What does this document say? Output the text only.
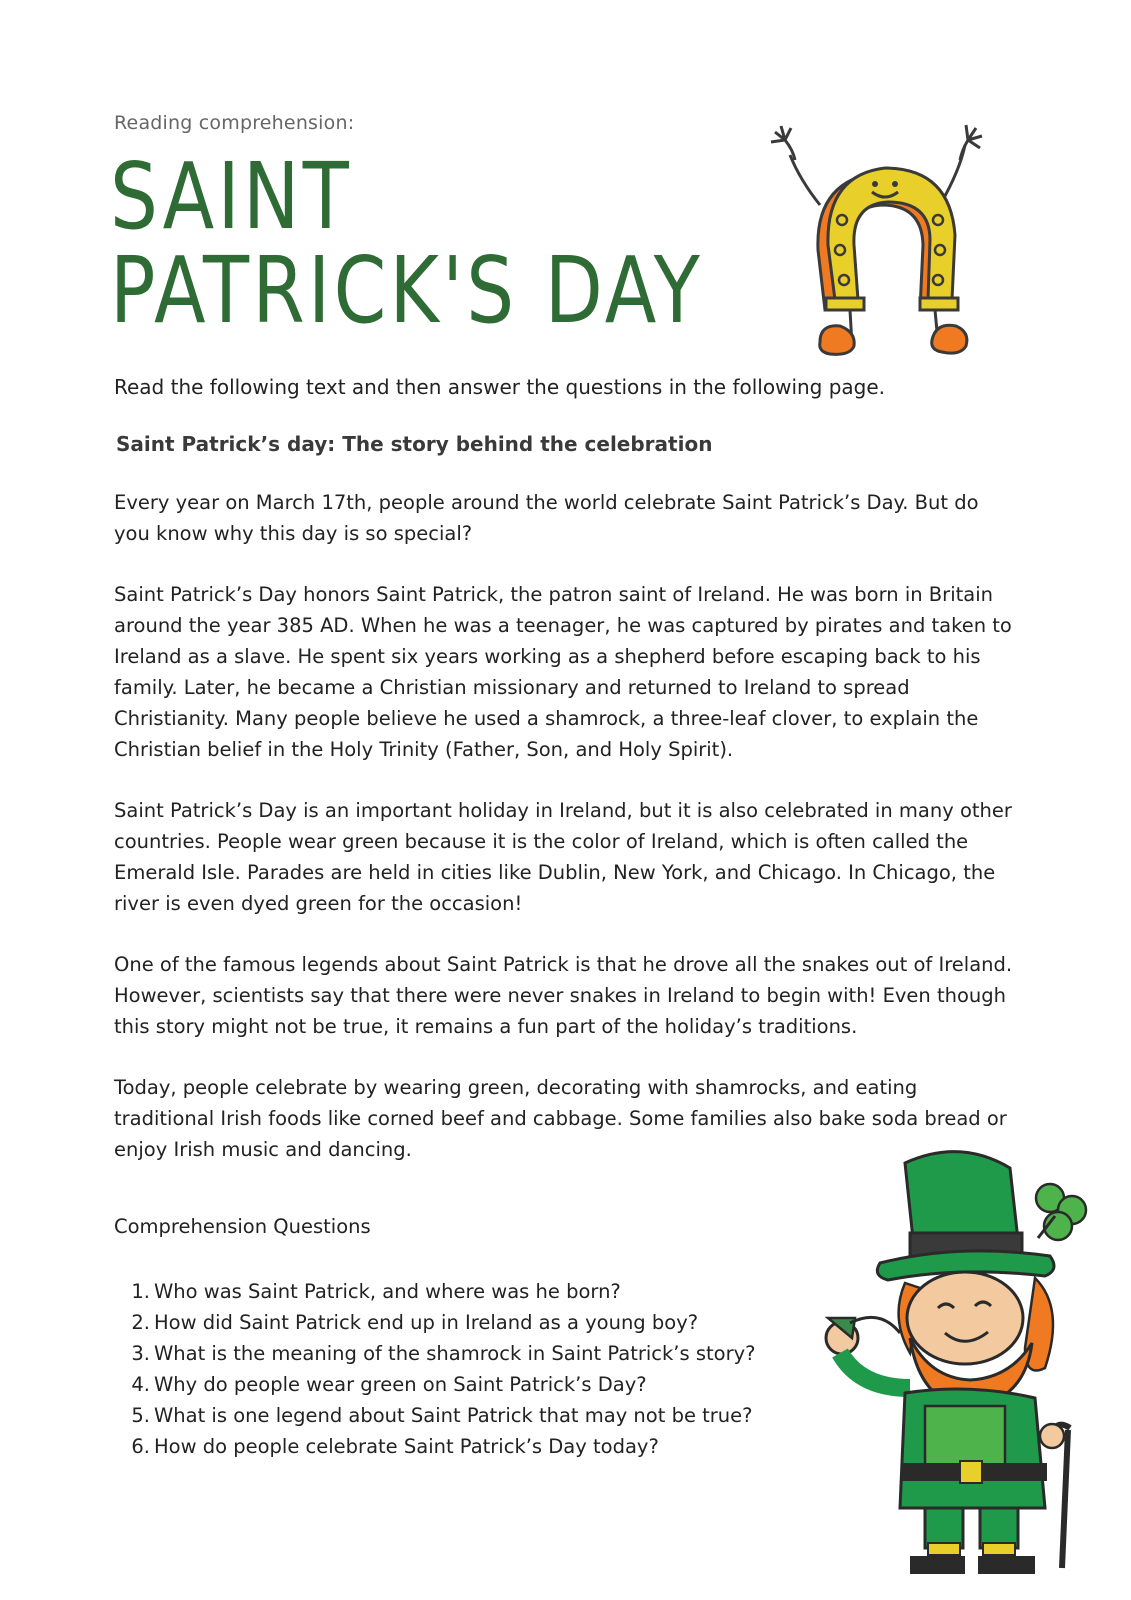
Reading comprehension:
SAINT
PATRICK'S DAY
Read the following text and then answer the questions in the following page.
Saint Patrick’s day: The story behind the celebration

Every year on March 17th, people around the world celebrate Saint Patrick’s Day. But do you know why this day is so special?

Saint Patrick’s Day honors Saint Patrick, the patron saint of Ireland. He was born in Britain around the year 385 AD. When he was a teenager, he was captured by pirates and taken to Ireland as a slave. He spent six years working as a shepherd before escaping back to his family. Later, he became a Christian missionary and returned to Ireland to spread Christianity. Many people believe he used a shamrock, a three-leaf clover, to explain the Christian belief in the Holy Trinity (Father, Son, and Holy Spirit).

Saint Patrick’s Day is an important holiday in Ireland, but it is also celebrated in many other countries. People wear green because it is the color of Ireland, which is often called the Emerald Isle. Parades are held in cities like Dublin, New York, and Chicago. In Chicago, the river is even dyed green for the occasion!

One of the famous legends about Saint Patrick is that he drove all the snakes out of Ireland. However, scientists say that there were never snakes in Ireland to begin with! Even though this story might not be true, it remains a fun part of the holiday’s traditions.

Today, people celebrate by wearing green, decorating with shamrocks, and eating traditional Irish foods like corned beef and cabbage. Some families also bake soda bread or enjoy Irish music and dancing.

Comprehension Questions
1. Who was Saint Patrick, and where was he born?
2. How did Saint Patrick end up in Ireland as a young boy?
3. What is the meaning of the shamrock in Saint Patrick’s story?
4. Why do people wear green on Saint Patrick’s Day?
5. What is one legend about Saint Patrick that may not be true?
6. How do people celebrate Saint Patrick’s Day today?
